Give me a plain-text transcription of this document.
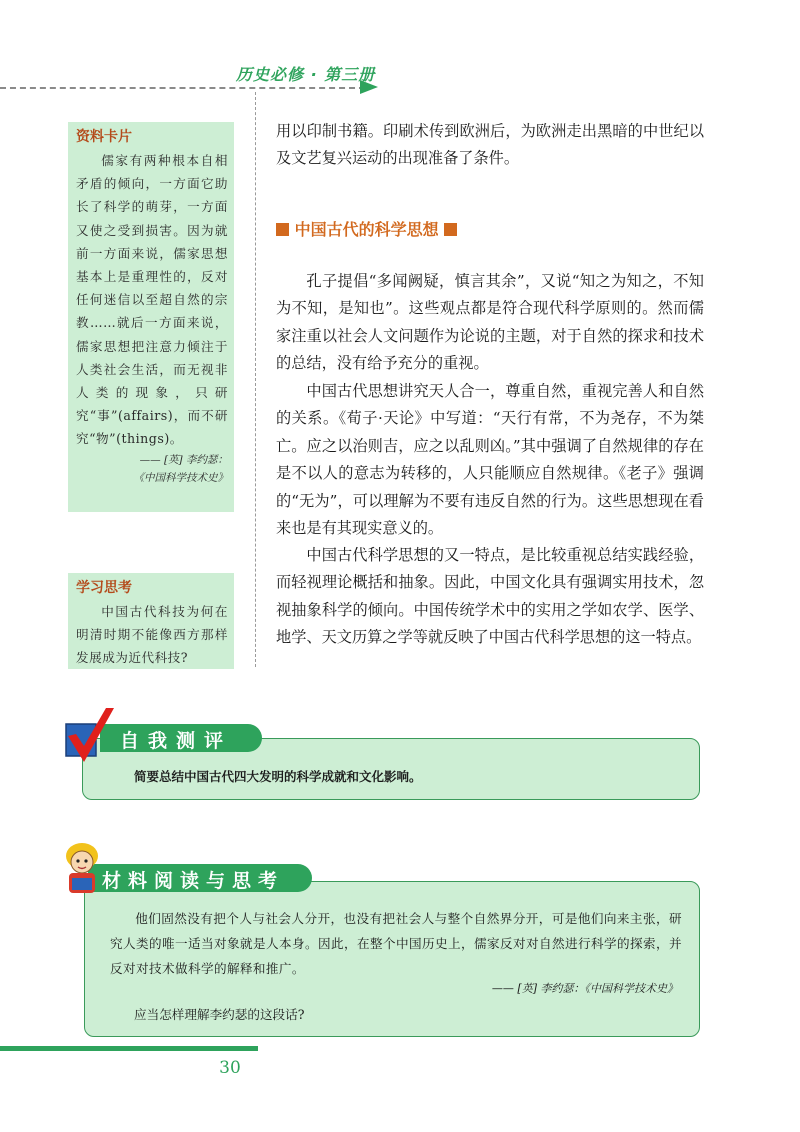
历史必修 · 第三册
资料卡片
儒家有两种根本自相矛盾的倾向，一方面它助长了科学的萌芽，一方面又使之受到损害。因为就前一方面来说，儒家思想基本上是重理性的，反对任何迷信以至超自然的宗教……就后一方面来说，儒家思想把注意力倾注于人类社会生活，而无视非人类的现象，只研究“事”(affairs)，而不研究“物”(things)。
—— [英] 李约瑟：
《中国科学技术史》
学习思考
中国古代科技为何在明清时期不能像西方那样发展成为近代科技?

用以印制书籍。印刷术传到欧洲后，为欧洲走出黑暗的中世纪以及文艺复兴运动的出现准备了条件。

中国古代的科学思想

孔子提倡“多闻阙疑，慎言其余”，又说“知之为知之，不知为不知，是知也”。这些观点都是符合现代科学原则的。然而儒家注重以社会人文问题作为论说的主题，对于自然的探求和技术的总结，没有给予充分的重视。

中国古代思想讲究天人合一，尊重自然，重视完善人和自然的关系。《荀子·天论》中写道：“天行有常，不为尧存，不为桀亡。应之以治则吉，应之以乱则凶。”其中强调了自然规律的存在是不以人的意志为转移的，人只能顺应自然规律。《老子》强调的“无为”，可以理解为不要有违反自然的行为。这些思想现在看来也是有其现实意义的。

中国古代科学思想的又一特点，是比较重视总结实践经验，而轻视理论概括和抽象。因此，中国文化具有强调实用技术，忽视抽象科学的倾向。中国传统学术中的实用之学如农学、医学、地学、天文历算之学等就反映了中国古代科学思想的这一特点。

自我测评
简要总结中国古代四大发明的科学成就和文化影响。
材料阅读与思考

他们固然没有把个人与社会人分开，也没有把社会人与整个自然界分开，可是他们向来主张，研究人类的唯一适当对象就是人本身。因此，在整个中国历史上，儒家反对对自然进行科学的探索，并反对对技术做科学的解释和推广。

—— [英] 李约瑟：《中国科学技术史》
应当怎样理解李约瑟的这段话?
30
